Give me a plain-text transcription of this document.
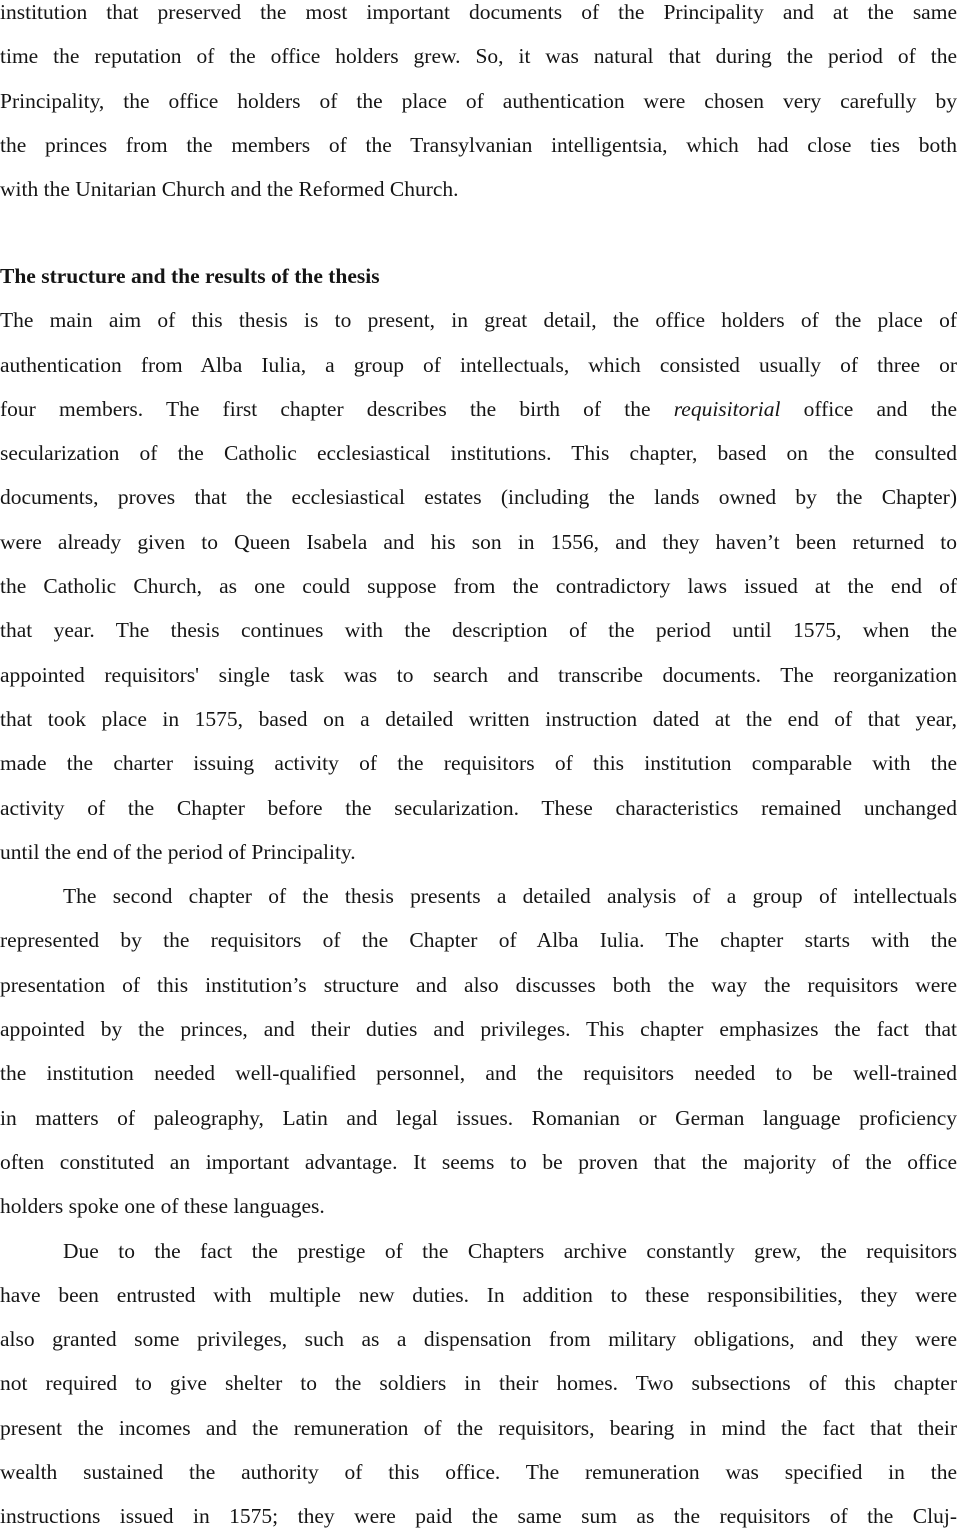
institution that preserved the most important documents of the Principality and at the same
time the reputation of the office holders grew. So, it was natural that during the period of the
Principality, the office holders of the place of authentication were chosen very carefully by
the princes from the members of the Transylvanian intelligentsia, which had close ties both
with the Unitarian Church and the Reformed Church.
The structure and the results of the thesis
The main aim of this thesis is to present, in great detail, the office holders of the place of
authentication from Alba Iulia, a group of intellectuals, which consisted usually of three or
four members. The first chapter describes the birth of the requisitorial office and the
secularization of the Catholic ecclesiastical institutions. This chapter, based on the consulted
documents, proves that the ecclesiastical estates (including the lands owned by the Chapter)
were already given to Queen Isabela and his son in 1556, and they haven’t been returned to
the Catholic Church, as one could suppose from the contradictory laws issued at the end of
that year. The thesis continues with the description of the period until 1575, when the
appointed requisitors' single task was to search and transcribe documents. The reorganization
that took place in 1575, based on a detailed written instruction dated at the end of that year,
made the charter issuing activity of the requisitors of this institution comparable with the
activity of the Chapter before the secularization. These characteristics remained unchanged
until the end of the period of Principality.
The second chapter of the thesis presents a detailed analysis of a group of intellectuals
represented by the requisitors of the Chapter of Alba Iulia. The chapter starts with the
presentation of this institution’s structure and also discusses both the way the requisitors were
appointed by the princes, and their duties and privileges. This chapter emphasizes the fact that
the institution needed well-qualified personnel, and the requisitors needed to be well-trained
in matters of paleography, Latin and legal issues. Romanian or German language proficiency
often constituted an important advantage. It seems to be proven that the majority of the office
holders spoke one of these languages.
Due to the fact the prestige of the Chapters archive constantly grew, the requisitors
have been entrusted with multiple new duties. In addition to these responsibilities, they were
also granted some privileges, such as a dispensation from military obligations, and they were
not required to give shelter to the soldiers in their homes. Two subsections of this chapter
present the incomes and the remuneration of the requisitors, bearing in mind the fact that their
wealth sustained the authority of this office. The remuneration was specified in the
instructions issued in 1575; they were paid the same sum as the requisitors of the Cluj-
